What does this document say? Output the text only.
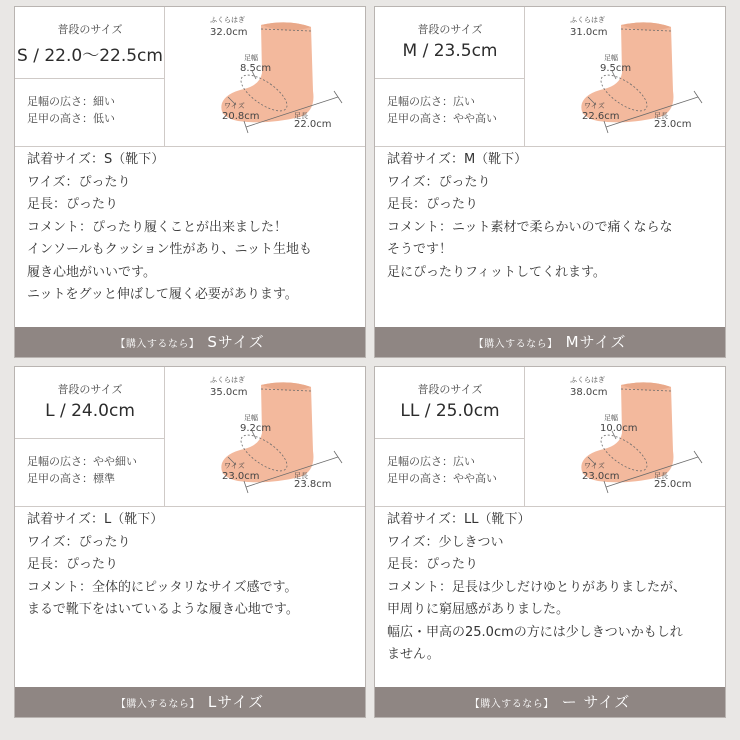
普段のサイズ
S / 22.0～22.5cm
足幅の広さ：細い
足甲の高さ：低い
ふくらはぎ
32.0cm
足幅
8.5cm
ワイズ
20.8cm	足長
22.0cm
試着サイズ：S（靴下）
ワイズ：ぴったり
足長：ぴったり
コメント：ぴったり履くことが出来ました！
インソールもクッション性があり、ニット生地も
履き心地がいいです。
ニットをグッと伸ばして履く必要があります。
【購入するなら】 Sサイズ
普段のサイズ
M / 23.5cm
足幅の広さ：広い
足甲の高さ：やや高い
ふくらはぎ
31.0cm
足幅
9.5cm
ワイズ
22.6cm	足長
23.0cm
試着サイズ：M（靴下）
ワイズ：ぴったり
足長：ぴったり
コメント：ニット素材で柔らかいので痛くならな
そうです！
足にぴったりフィットしてくれます。
【購入するなら】 Mサイズ
普段のサイズ
L / 24.0cm
足幅の広さ：やや細い
足甲の高さ：標準
ふくらはぎ
35.0cm
足幅
9.2cm
ワイズ
23.0cm	足長
23.8cm
試着サイズ：L（靴下）
ワイズ：ぴったり
足長：ぴったり
コメント：全体的にピッタリなサイズ感です。
まるで靴下をはいているような履き心地です。
【購入するなら】 Lサイズ
普段のサイズ
LL / 25.0cm
足幅の広さ：広い
足甲の高さ：やや高い
ふくらはぎ
38.0cm
足幅
10.0cm
ワイズ
23.0cm	足長
25.0cm
試着サイズ：LL（靴下）
ワイズ：少しきつい
足長：ぴったり
コメント：足長は少しだけゆとりがありましたが、
甲周りに窮屈感がありました。
幅広・甲高の25.0cmの方には少しきついかもしれ
ません。
【購入するなら】 ー サイズ
